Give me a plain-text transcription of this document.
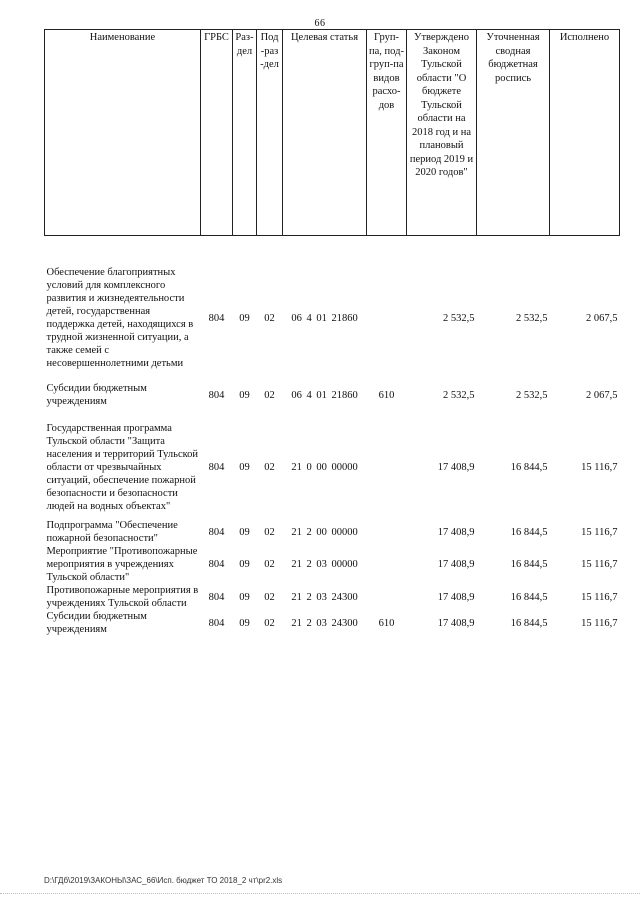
66
Наименование	ГРБС	Раз-дел	Под-раз-дел	Целевая статья	Груп-па, под-груп-па видов расхо-дов	Утверждено Законом Тульской области "О бюджете Тульской области на 2018 год и на плановый период 2019 и 2020 годов"	Уточненная сводная бюджетная роспись	Исполнено

Обеспечение благоприятных условий для комплексного развития и жизнедеятельности детей, государственная поддержка детей, находящихся в трудной жизненной ситуации, а также семей с несовершеннолетними детьми	804	09	02	06 4 01 21860		2 532,5	2 532,5	2 067,5

Субсидии бюджетным учреждениям	804	09	02	06 4 01 21860	610	2 532,5	2 532,5	2 067,5

Государственная программа Тульской области "Защита населения и территорий Тульской области от чрезвычайных ситуаций, обеспечение пожарной безопасности и безопасности людей на водных объектах"	804	09	02	21 0 00 00000		17 408,9	16 844,5	15 116,7

Подпрограмма "Обеспечение пожарной безопасности"	804	09	02	21 2 00 00000		17 408,9	16 844,5	15 116,7
Мероприятие "Противопожарные мероприятия в учреждениях Тульской области"	804	09	02	21 2 03 00000		17 408,9	16 844,5	15 116,7
Противопожарные мероприятия в учреждениях Тульской области	804	09	02	21 2 03 24300		17 408,9	16 844,5	15 116,7
Субсидии бюджетным учреждениям	804	09	02	21 2 03 24300	610	17 408,9	16 844,5	15 116,7
D:\ГДб\2019\ЗАКОНЫ\ЗАС_66\Исп. бюджет ТО 2018_2 чт\pr2.xls
